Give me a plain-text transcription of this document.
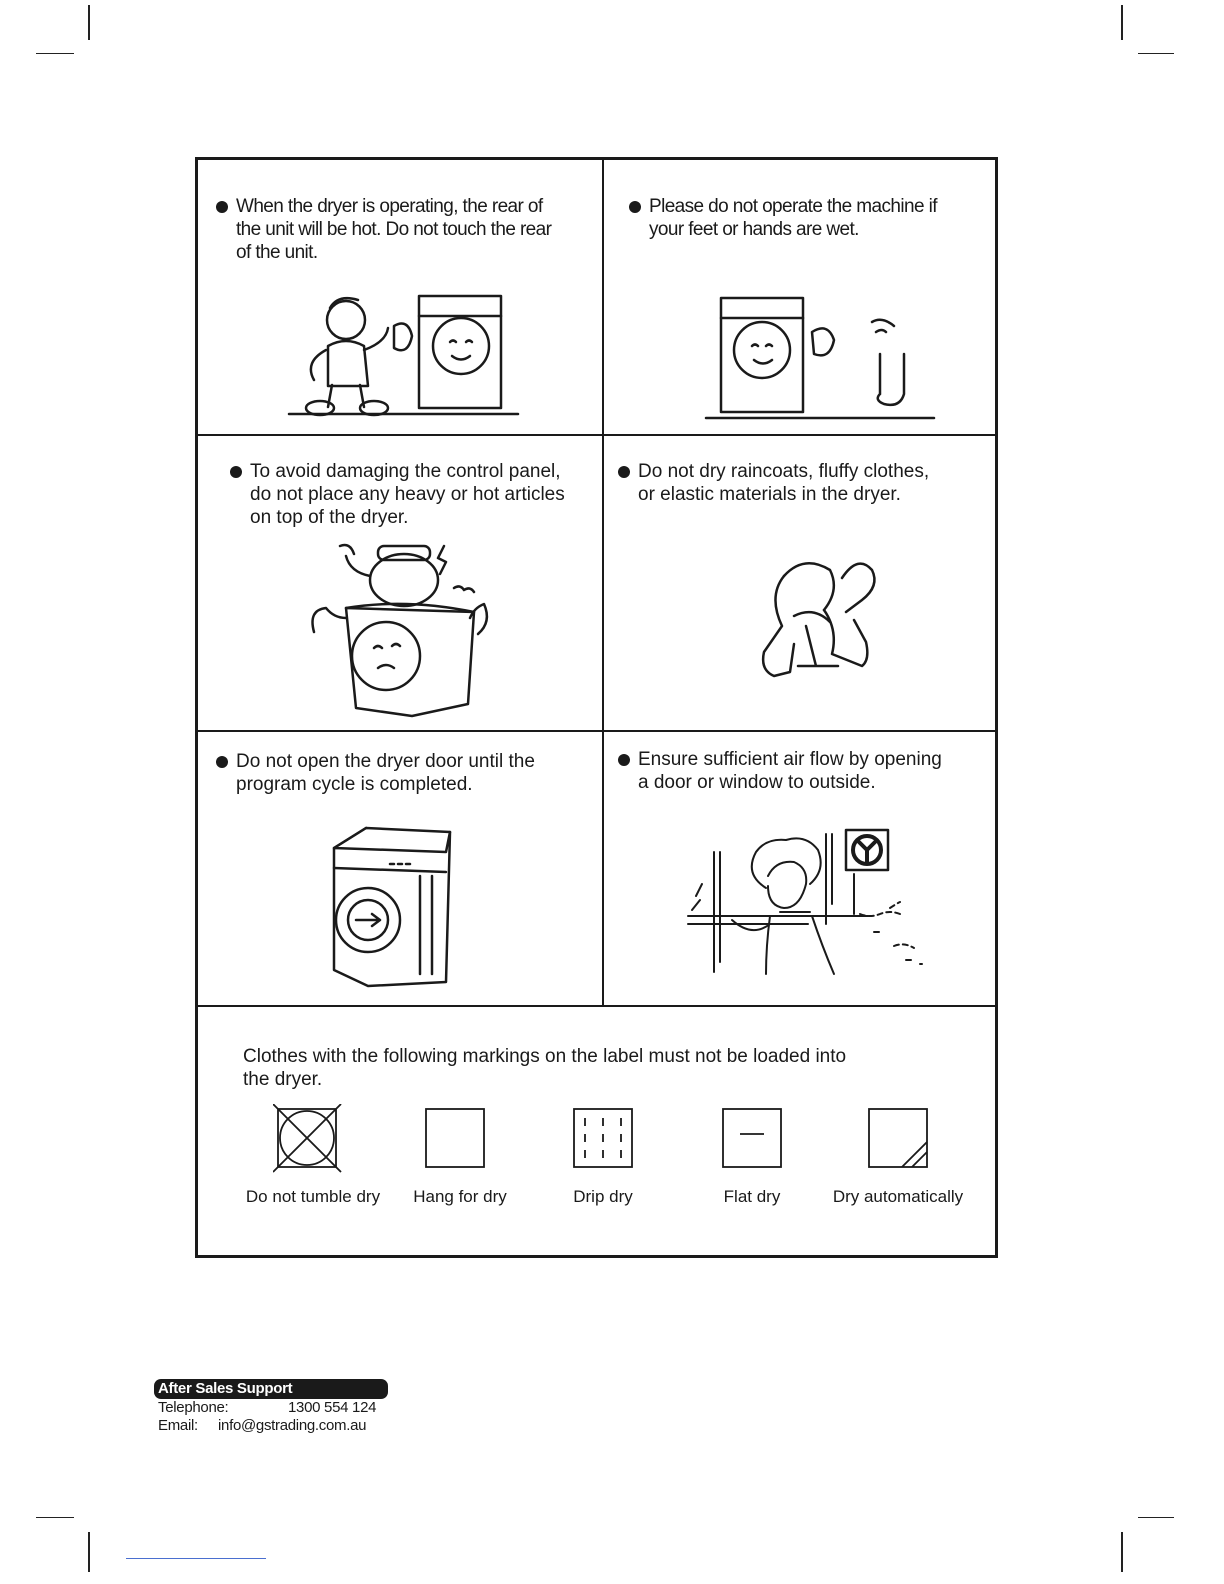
When the dryer is operating, the rear of
the unit will be hot. Do not touch the rear
of the unit.
Please do not operate the machine if
your feet or hands are wet.
To avoid damaging the control panel,
do not place any heavy or hot articles
on top of the dryer.
Do not dry raincoats, fluffy clothes,
or elastic materials in the dryer.
Do not open the dryer door until the
program cycle is completed.
Ensure sufficient air flow by opening
a door or window to outside.
Clothes with the following markings on the label must not be loaded into
the dryer.
Do not tumble dry	Hang for dry	Drip dry	Flat dry	Dry automatically
After Sales Support
Telephone:	1300 554 124
Email:	info@gstrading.com.au
